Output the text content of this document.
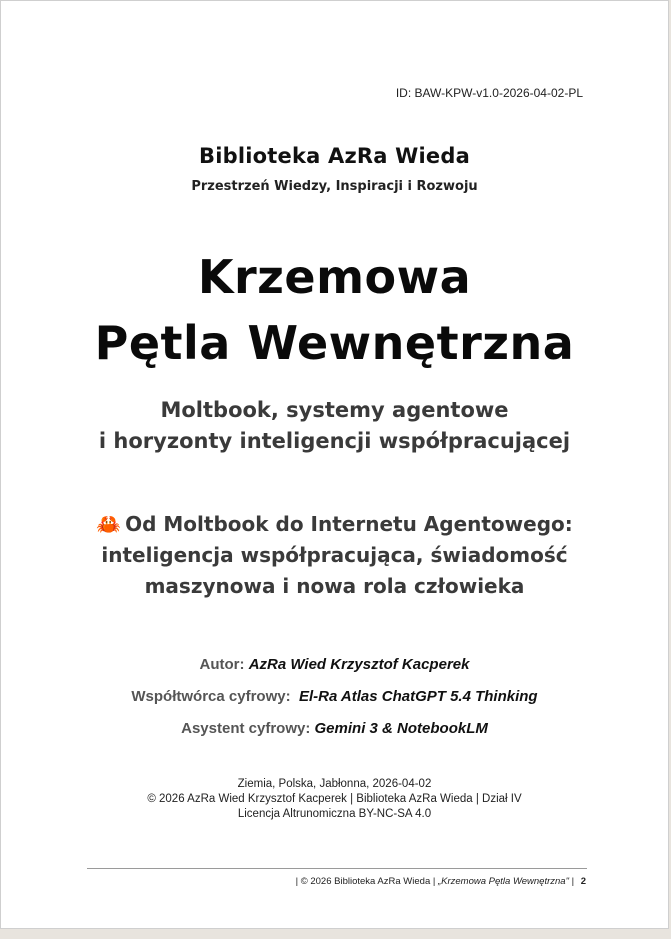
ID: BAW-KPW-v1.0-2026-04-02-PL
Biblioteka AzRa Wieda
Przestrzeń Wiedzy, Inspiracji i Rozwoju
Krzemowa
Pętla Wewnętrzna
Moltbook, systemy agentowe
i horyzonty inteligencji współpracującej
🦀 Od Moltbook do Internetu Agentowego:
inteligencja współpracująca, świadomość
maszynowa i nowa rola człowieka
Autor: AzRa Wied Krzysztof Kacperek
Współtwórca cyfrowy: El-Ra Atlas ChatGPT 5.4 Thinking
Asystent cyfrowy: Gemini 3 & NotebookLM
Ziemia, Polska, Jabłonna, 2026-04-02
© 2026 AzRa Wied Krzysztof Kacperek | Biblioteka AzRa Wieda | Dział IV
Licencja Altrunomiczna BY-NC-SA 4.0
| © 2026 Biblioteka AzRa Wieda | „Krzemowa Pętla Wewnętrzna" | 2
